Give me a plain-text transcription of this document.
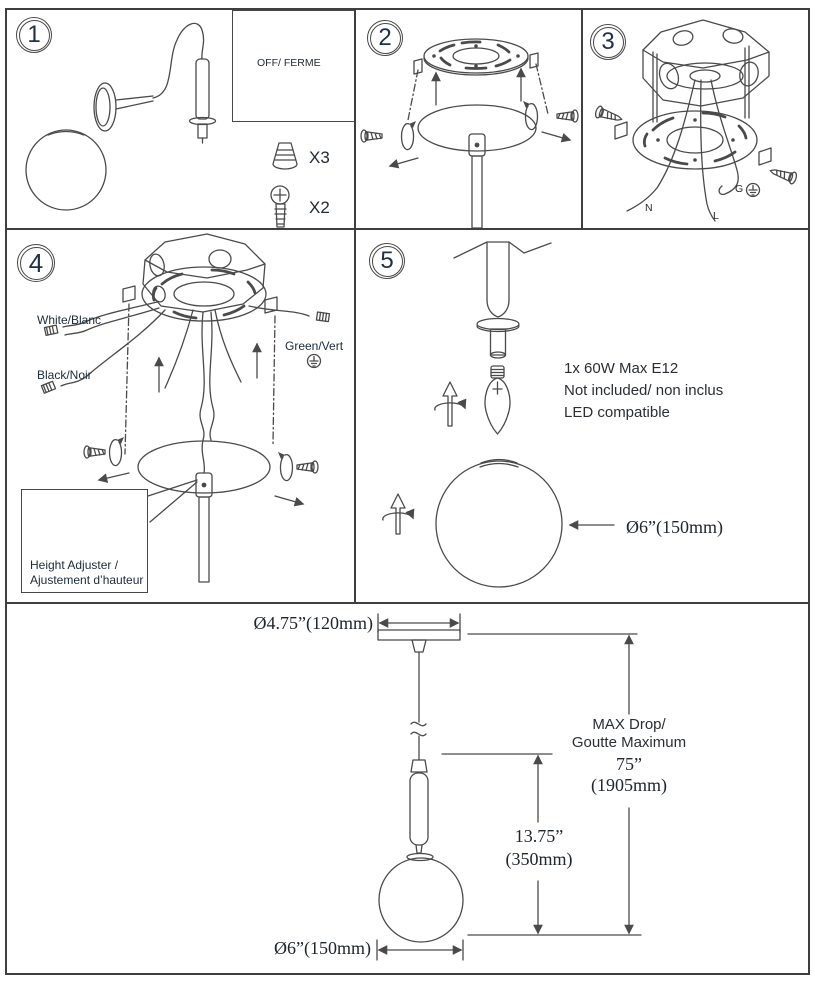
1
OFF/ FERME
X3
X2
2	3
N
L
G
4
White/Blanc
Black/Noir
Green/Vert
Height Adjuster /
Ajustement d’hauteur
5
1x 60W Max E12
Not included/ non inclus
LED compatible
Ø6”(150mm)
Ø4.75”(120mm)
MAX Drop/
Goutte Maximum
75”
(1905mm)
13.75”
(350mm)
Ø6”(150mm)
